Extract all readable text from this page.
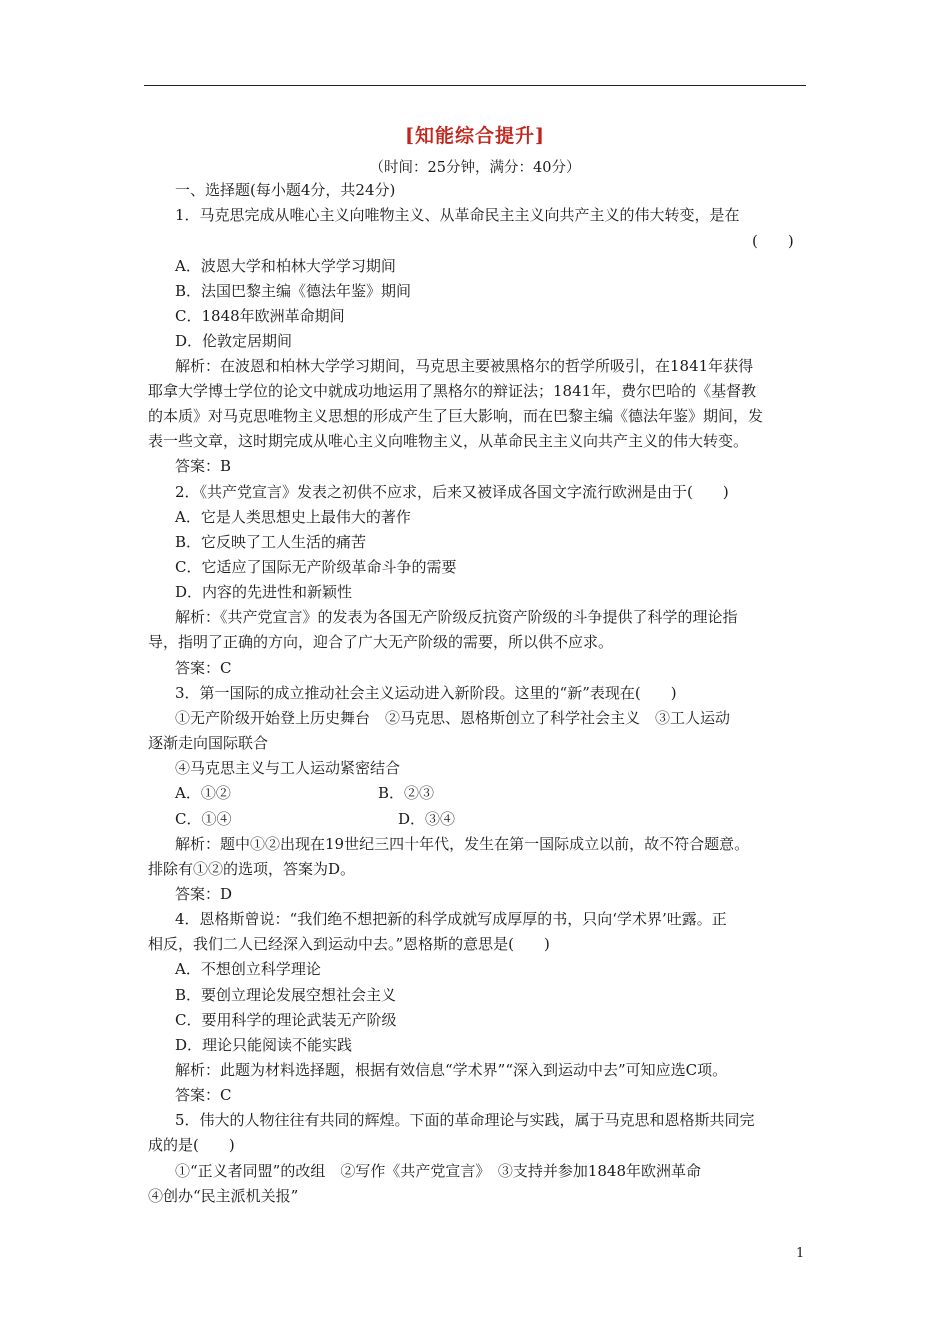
[知能综合提升]
（时间：25分钟，满分：40分）
一、选择题(每小题4分，共24分)
1．马克思完成从唯心主义向唯物主义、从革命民主主义向共产主义的伟大转变，是在
(　　)
A．波恩大学和柏林大学学习期间
B．法国巴黎主编《德法年鉴》期间
C．1848年欧洲革命期间
D．伦敦定居期间
解析：在波恩和柏林大学学习期间，马克思主要被黑格尔的哲学所吸引，在1841年获得
耶拿大学博士学位的论文中就成功地运用了黑格尔的辩证法；1841年，费尔巴哈的《基督教
的本质》对马克思唯物主义思想的形成产生了巨大影响，而在巴黎主编《德法年鉴》期间，发
表一些文章，这时期完成从唯心主义向唯物主义，从革命民主主义向共产主义的伟大转变。
答案：B
2．《共产党宣言》发表之初供不应求，后来又被译成各国文字流行欧洲是由于(　　)
A．它是人类思想史上最伟大的著作
B．它反映了工人生活的痛苦
C．它适应了国际无产阶级革命斗争的需要
D．内容的先进性和新颖性
解析：《共产党宣言》的发表为各国无产阶级反抗资产阶级的斗争提供了科学的理论指
导，指明了正确的方向，迎合了广大无产阶级的需要，所以供不应求。
答案：C
3．第一国际的成立推动社会主义运动进入新阶段。这里的“新”表现在(　　)
①无产阶级开始登上历史舞台　②马克思、恩格斯创立了科学社会主义　③工人运动
逐渐走向国际联合
④马克思主义与工人运动紧密结合
A．①②	B．②③
C．①④	D．③④
解析：题中①②出现在19世纪三四十年代，发生在第一国际成立以前，故不符合题意。
排除有①②的选项，答案为D。
答案：D
4．恩格斯曾说：“我们绝不想把新的科学成就写成厚厚的书，只向‘学术界’吐露。正
相反，我们二人已经深入到运动中去。”恩格斯的意思是(　　)
A．不想创立科学理论
B．要创立理论发展空想社会主义
C．要用科学的理论武装无产阶级
D．理论只能阅读不能实践
解析：此题为材料选择题，根据有效信息“学术界”“深入到运动中去”可知应选C项。
答案：C
5．伟大的人物往往有共同的辉煌。下面的革命理论与实践，属于马克思和恩格斯共同完
成的是(　　)
①“正义者同盟”的改组　②写作《共产党宣言》　③支持并参加1848年欧洲革命
④创办“民主派机关报”
1
